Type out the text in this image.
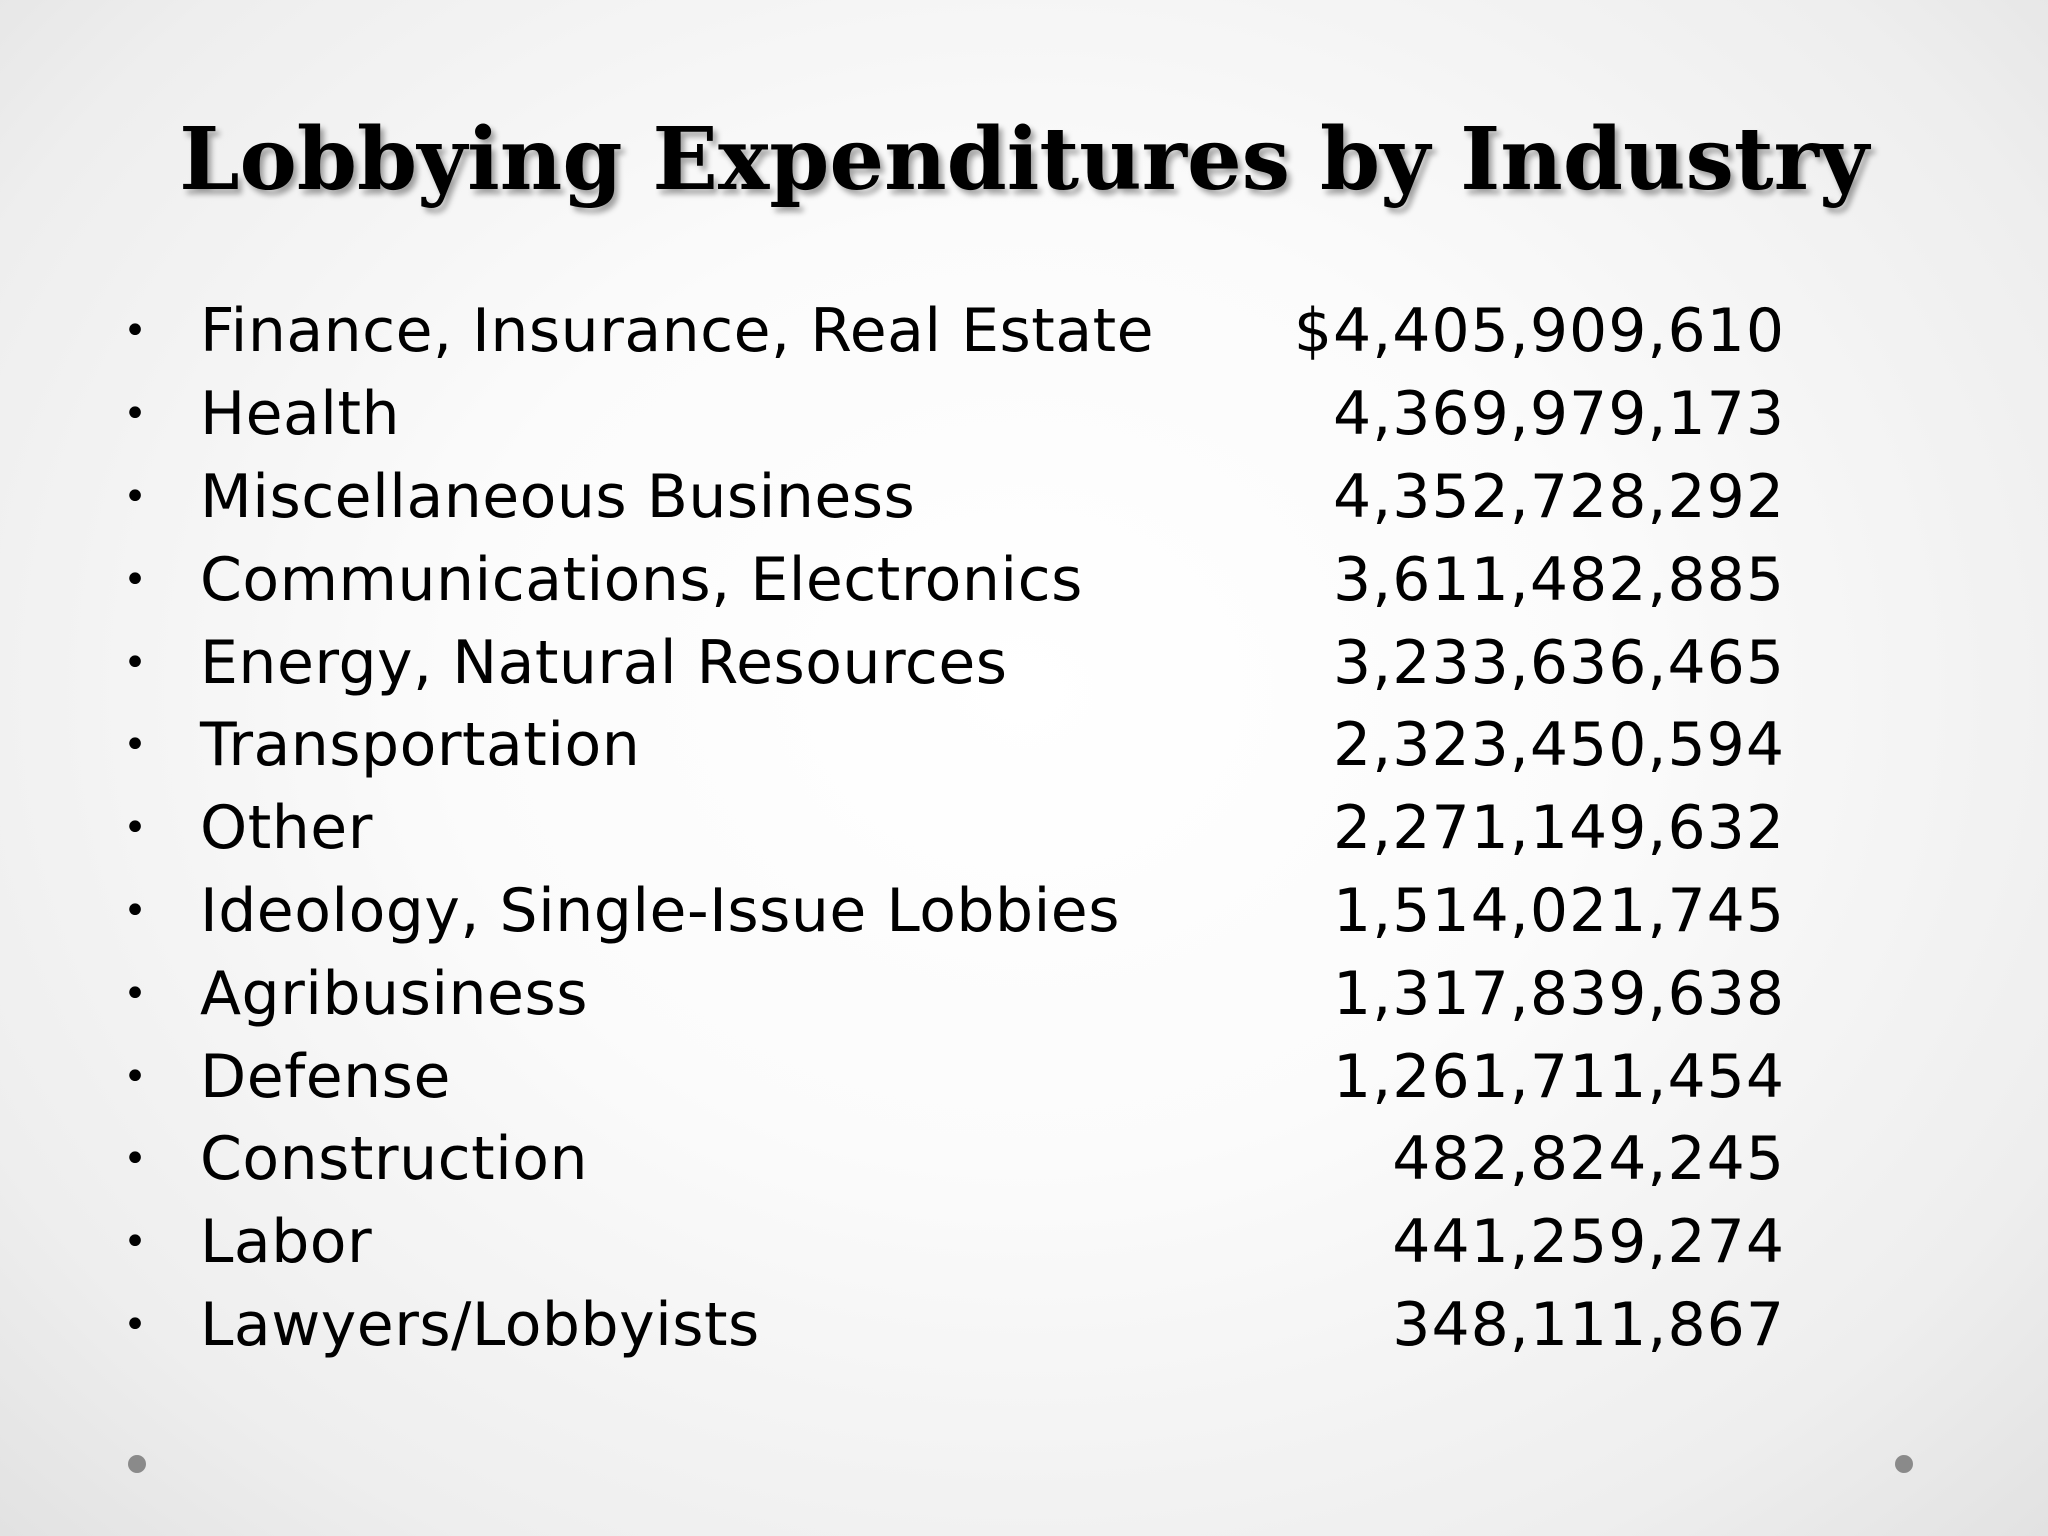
Lobbying Expenditures by Industry
• Finance, Insurance, Real Estate $4,405,909,610
• Health	4,369,979,173
• Miscellaneous Business	4,352,728,292
• Communications, Electronics	3,611,482,885
• Energy, Natural Resources	3,233,636,465
• Transportation	2,323,450,594
• Other	2,271,149,632
• Ideology, Single-Issue Lobbies	1,514,021,745
• Agribusiness	1,317,839,638
• Defense	1,261,711,454
• Construction	482,824,245
• Labor	441,259,274
• Lawyers/Lobbyists	348,111,867
